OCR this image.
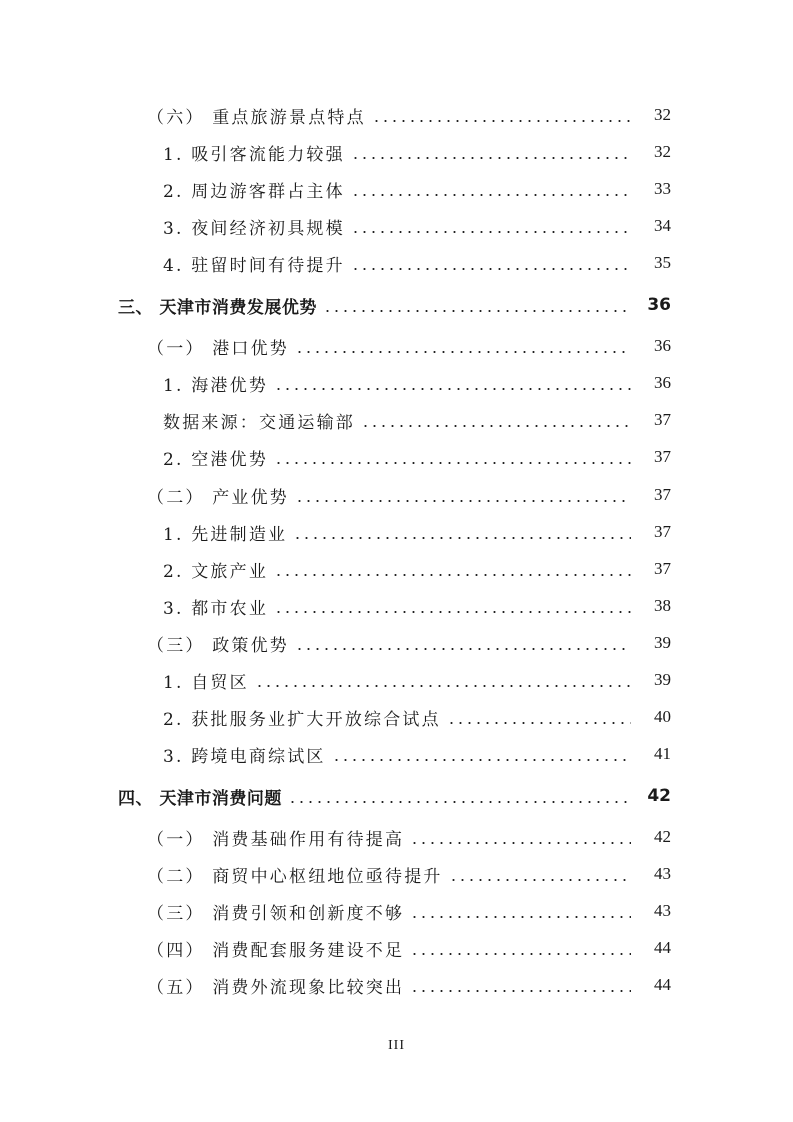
（六） 重点旅游景点特点	32
1. 吸引客流能力较强	32
2. 周边游客群占主体	33
3. 夜间经济初具规模	34
4. 驻留时间有待提升	35
三、 天津市消费发展优势	36
（一） 港口优势	36
1. 海港优势	36
数据来源：交通运输部	37
2. 空港优势	37
（二） 产业优势	37
1. 先进制造业	37
2. 文旅产业	37
3. 都市农业	38
（三） 政策优势	39
1. 自贸区	39
2. 获批服务业扩大开放综合试点	40
3. 跨境电商综试区	41
四、 天津市消费问题	42
（一） 消费基础作用有待提高	42
（二） 商贸中心枢纽地位亟待提升	43
（三） 消费引领和创新度不够	43
（四） 消费配套服务建设不足	44
（五） 消费外流现象比较突出	44
III
